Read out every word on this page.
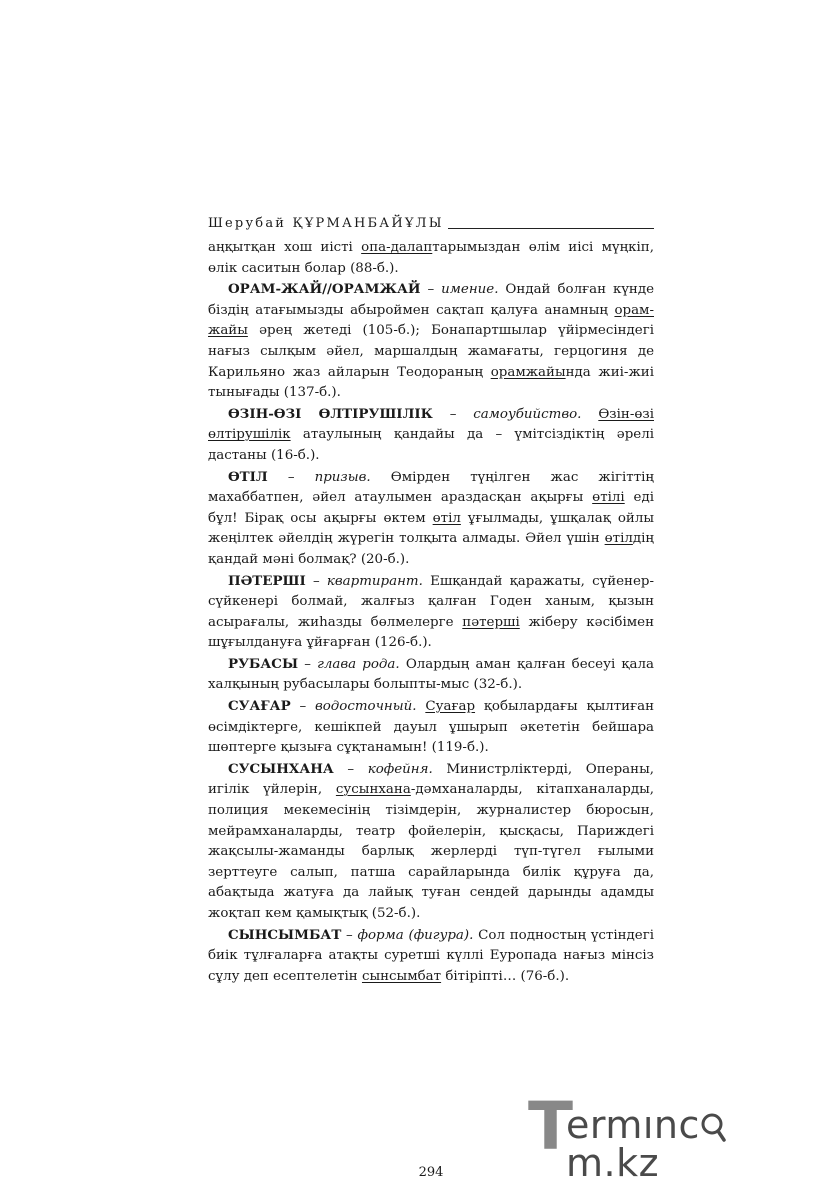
Шерубай ҚҰРМАНБАЙҰЛЫ

аңқытқан хош иісті опа-далаптарымыздан өлім иісі мүңкіп, өлік саситын болар (88-б.).

ОРАМ-ЖАЙ//ОРАМЖАЙ – имение. Ондай болған күнде біздің атағымызды абыроймен сақтап қалуға анамның орам-жайы әрең жетеді (105-б.); Бонапартшылар үйірмесіндегі нағыз сылқым әйел, маршалдың жамағаты, герцогиня де Карильяно жаз айларын Теодораның орамжайында жиі-жиі тынығады (137-б.).

ӨЗІН-ӨЗІ ӨЛТІРУШІЛІК – самоубийство. Өзін-өзі өлтірушілік атаулының қандайы да – үмітсіздіктің әрелі дастаны (16-б.).

ӨТІЛ – призыв. Өмірден түңілген жас жігіттің махаббатпен, әйел атаулымен араздасқан ақырғы өтілі еді бұл! Бірақ осы ақырғы өктем өтіл ұғылмады, ұшқалақ ойлы жеңілтек әйелдің жүрегін толқыта алмады. Әйел үшін өтілдің қандай мәні болмақ? (20-б.).

ПӘТЕРШІ – квартирант. Ешқандай қаражаты, сүйенер-сүйкенері болмай, жалғыз қалған Годен ханым, қызын асырағалы, жиһазды бөлмелерге пәтерші жіберу кәсібімен шұғылдануға ұйғарған (126-б.).

РУБАСЫ – глава рода. Олардың аман қалған бесеуі қала халқының рубасылары болыпты-мыс (32-б.).

СУАҒАР – водосточный. Суағар қобылардағы қылтиған өсімдіктерге, кешікпей дауыл ұшырып әкететін бейшара шөптерге қызыға сұқтанамын! (119-б.).

СУСЫНХАНА – кофейня. Министрліктерді, Операны, игілік үйлерін, сусынхана-дәмханаларды, кітапханаларды, полиция мекемесінің тізімдерін, журналистер бюросын, мейрамханаларды, театр фойелерін, қысқасы, Париждегі жақсылы-жаманды барлық жерлерді түп-түгел ғылыми зерттеуге салып, патша сарайларында билік құруға да, абақтыда жатуға да лайық туған сендей дарынды адамды жоқтап кем қамықтық (52-б.).

СЫНСЫМБАТ – форма (фигура). Сол подностың үстіндегі биік тұлғаларға атақты суретші күллі Еуропада нағыз мінсіз сұлу деп есептелетін сынсымбат бітіріпті… (76-б.).

294
T
ermınc
m.kz
